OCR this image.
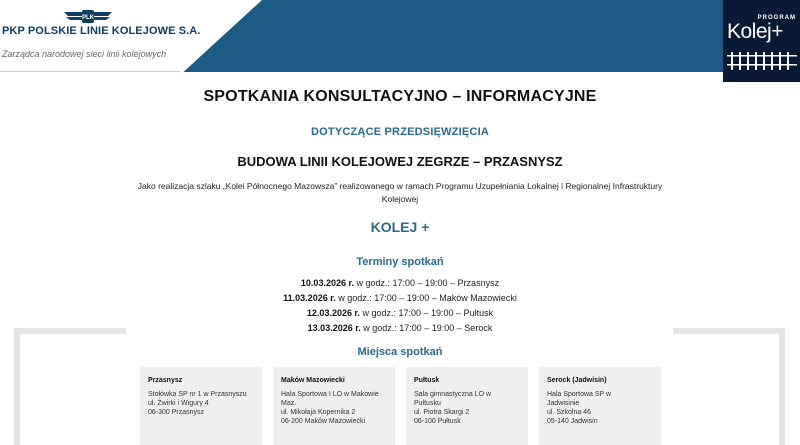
PLK
PKP POLSKIE LINIE KOLEJOWE S.A.
Zarządca narodowej sieci linii kolejowych
PROGRAM
Kolej+
SPOTKANIA KONSULTACYJNO – INFORMACYJNE
DOTYCZĄCE PRZEDSIĘWZIĘCIA
BUDOWA LINII KOLEJOWEJ ZEGRZE – PRZASNYSZ
Jako realizacja szlaku „Kolei Północnego Mazowsza” realizowanego w ramach Programu Uzupełniania Lokalnej i Regionalnej Infrastruktury Kolejowej
KOLEJ +
Terminy spotkań
10.03.2026 r. w godz.: 17:00 – 19:00 – Przasnysz
11.03.2026 r. w godz.: 17:00 – 19:00 – Maków Mazowiecki
12.03.2026 r. w godz.: 17:00 – 19:00 – Pułtusk
13.03.2026 r. w godz.: 17:00 – 19:00 – Serock
Miejsca spotkań
Przasnysz
Stołówka SP nr 1 w Przasnyszu
ul. Żwirki i Wigury 4
06-300 Przasnysz
Maków Mazowiecki
Hala Sportowa I LO w Makowie
Maz.
ul. Mikołaja Kopernika 2
06-200 Maków Mazowiecki
Pułtusk
Sala gimnastyczna LO w
Pułtusku
ul. Piotra Skargi 2
06-100 Pułtusk
Serock (Jadwisin)
Hala Sportowa SP w
Jadwisinie
ul. Szkolna 46
05-140 Jadwisin
